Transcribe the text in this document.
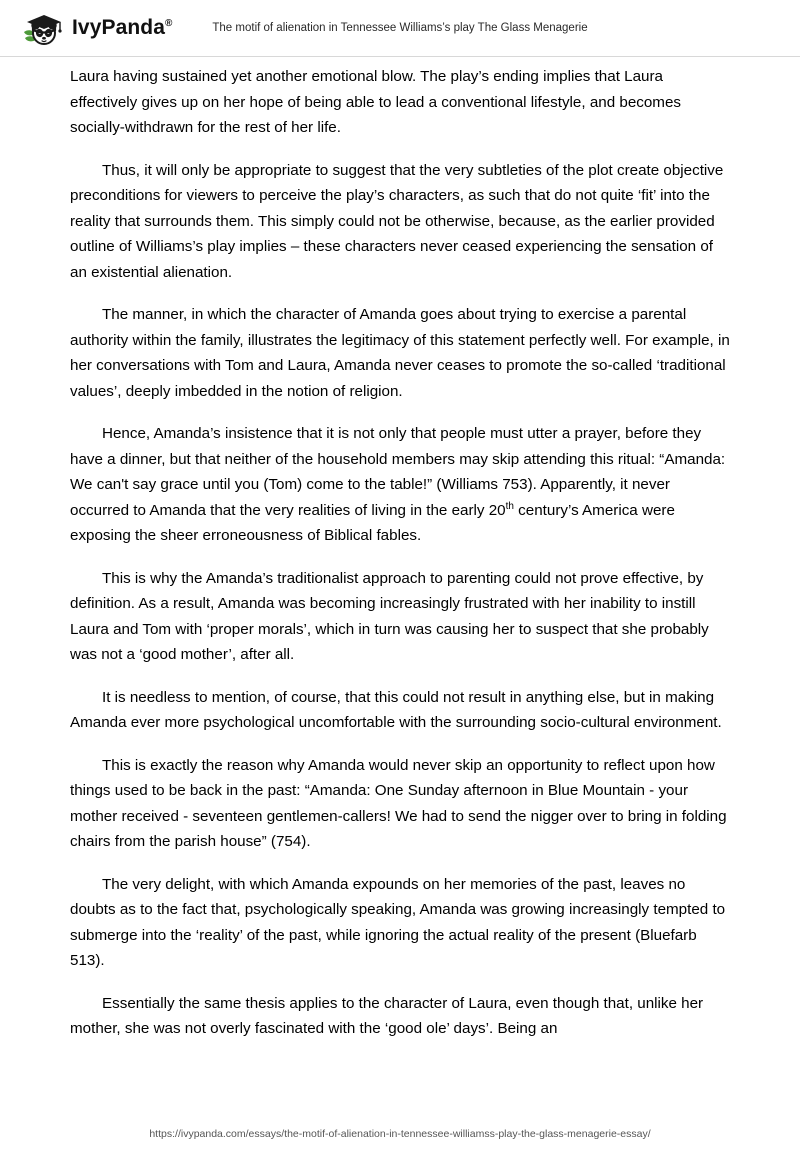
IvyPanda®	The motif of alienation in Tennessee Williams’s play The Glass Menagerie

Laura having sustained yet another emotional blow. The play’s ending implies that Laura effectively gives up on her hope of being able to lead a conventional lifestyle, and becomes socially-withdrawn for the rest of her life.

Thus, it will only be appropriate to suggest that the very subtleties of the plot create objective preconditions for viewers to perceive the play’s characters, as such that do not quite ‘fit’ into the reality that surrounds them. This simply could not be otherwise, because, as the earlier provided outline of Williams’s play implies – these characters never ceased experiencing the sensation of an existential alienation.

The manner, in which the character of Amanda goes about trying to exercise a parental authority within the family, illustrates the legitimacy of this statement perfectly well. For example, in her conversations with Tom and Laura, Amanda never ceases to promote the so-called ‘traditional values’, deeply imbedded in the notion of religion.

Hence, Amanda’s insistence that it is not only that people must utter a prayer, before they have a dinner, but that neither of the household members may skip attending this ritual: “Amanda: We can't say grace until you (Tom) come to the table!” (Williams 753). Apparently, it never occurred to Amanda that the very realities of living in the early 20th century’s America were exposing the sheer erroneousness of Biblical fables.

This is why the Amanda’s traditionalist approach to parenting could not prove effective, by definition. As a result, Amanda was becoming increasingly frustrated with her inability to instill Laura and Tom with ‘proper morals’, which in turn was causing her to suspect that she probably was not a ‘good mother’, after all.

It is needless to mention, of course, that this could not result in anything else, but in making Amanda ever more psychological uncomfortable with the surrounding socio-cultural environment.

This is exactly the reason why Amanda would never skip an opportunity to reflect upon how things used to be back in the past: “Amanda: One Sunday afternoon in Blue Mountain - your mother received - seventeen gentlemen-callers! We had to send the nigger over to bring in folding chairs from the parish house” (754).

The very delight, with which Amanda expounds on her memories of the past, leaves no doubts as to the fact that, psychologically speaking, Amanda was growing increasingly tempted to submerge into the ‘reality’ of the past, while ignoring the actual reality of the present (Bluefarb 513).

Essentially the same thesis applies to the character of Laura, even though that, unlike her mother, she was not overly fascinated with the ‘good ole’ days’. Being an

https://ivypanda.com/essays/the-motif-of-alienation-in-tennessee-williamss-play-the-glass-menagerie-essay/
